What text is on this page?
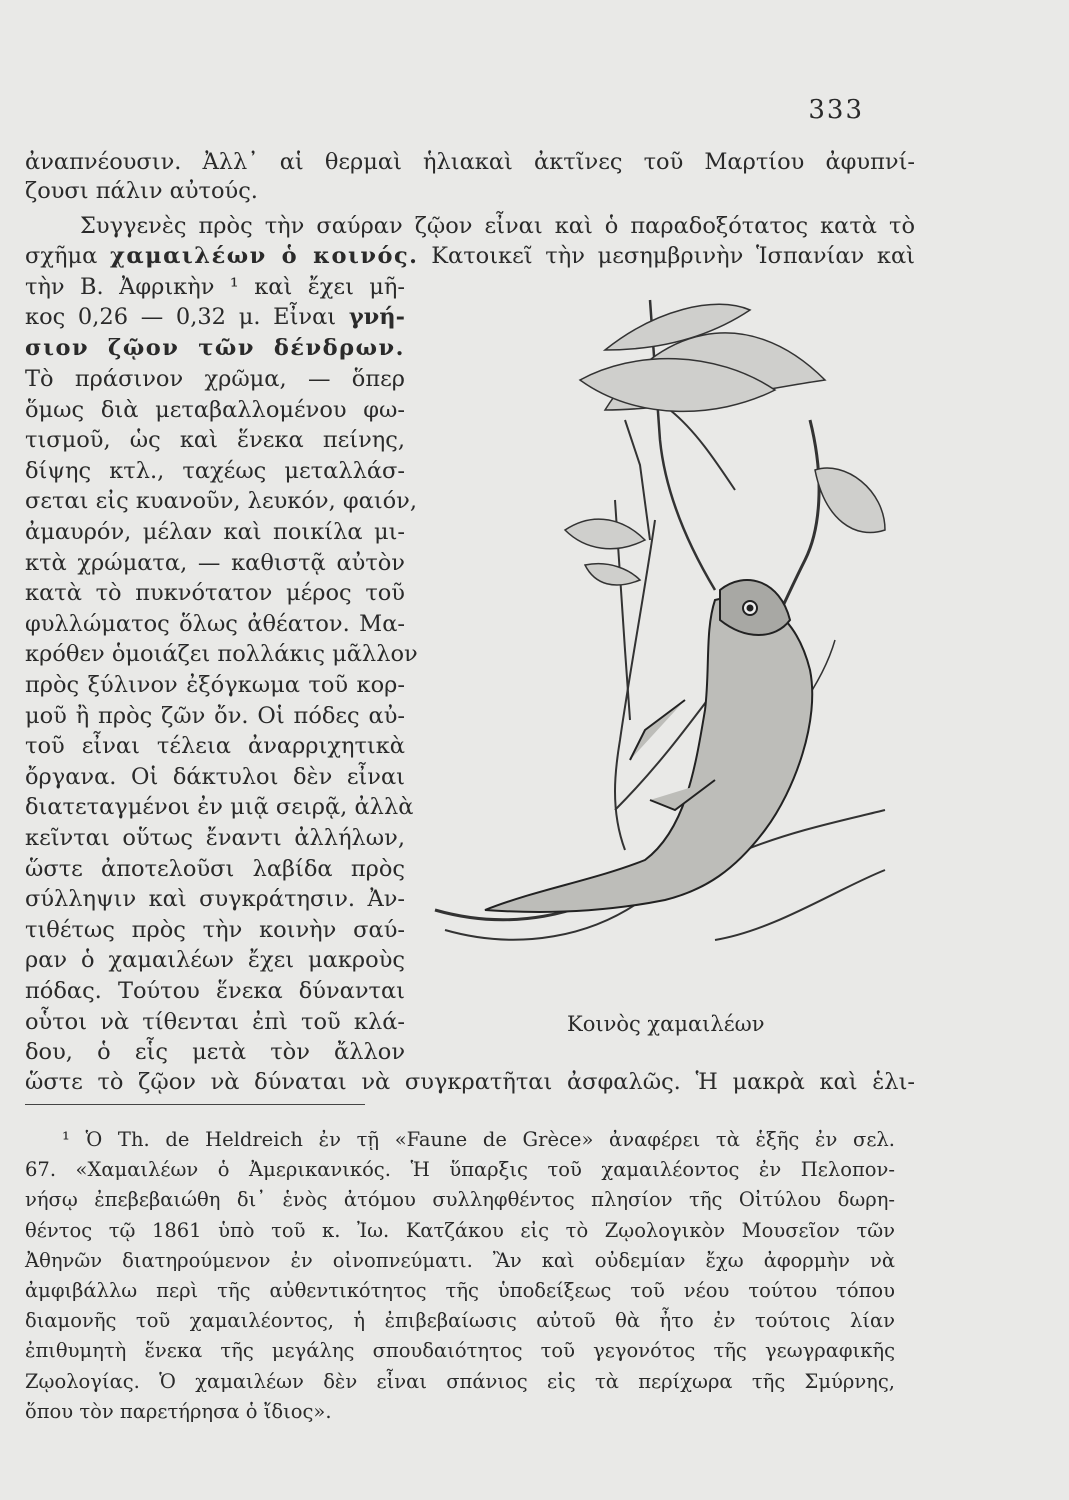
333
ἀναπνέουσιν. Ἀλλ᾽ αἱ θερμαὶ ἡλιακαὶ ἀκτῖνες τοῦ Μαρτίου ἀφυπνί-
ζουσι πάλιν αὐτούς.
Συγγενὲς πρὸς τὴν σαύραν ζῷον εἶναι καὶ ὁ παραδοξότατος κατὰ τὸ
σχῆμα χαμαιλέων ὁ κοινός. Κατοικεῖ τὴν μεσημβρινὴν Ἱσπανίαν καὶ
τὴν Β. Ἀφρικὴν ¹ καὶ ἔχει μῆ-
κος 0,26 — 0,32 μ. Εἶναι γνή-
σιον ζῷον τῶν δένδρων.
Τὸ πράσινον χρῶμα, — ὅπερ
ὅμως διὰ μεταβαλλομένου φω-
τισμοῦ, ὡς καὶ ἕνεκα πείνης,
δίψης κτλ., ταχέως μεταλλάσ-
σεται εἰς κυανοῦν, λευκόν, φαιόν,
ἀμαυρόν, μέλαν καὶ ποικίλα μι-
κτὰ χρώματα, — καθιστᾷ αὐτὸν
κατὰ τὸ πυκνότατον μέρος τοῦ
φυλλώματος ὅλως ἀθέατον. Μα-
κρόθεν ὁμοιάζει πολλάκις μᾶλλον
πρὸς ξύλινον ἐξόγκωμα τοῦ κορ-
μοῦ ἢ πρὸς ζῶν ὄν. Οἱ πόδες αὐ-
τοῦ εἶναι τέλεια ἀναρριχητικὰ
ὄργανα. Οἱ δάκτυλοι δὲν εἶναι
διατεταγμένοι ἐν μιᾷ σειρᾷ, ἀλλὰ
κεῖνται οὕτως ἔναντι ἀλλήλων,
ὥστε ἀποτελοῦσι λαβίδα πρὸς
σύλληψιν καὶ συγκράτησιν. Ἀν-
τιθέτως πρὸς τὴν κοινὴν σαύ-
ραν ὁ χαμαιλέων ἔχει μακροὺς
πόδας. Τούτου ἕνεκα δύνανται
οὗτοι νὰ τίθενται ἐπὶ τοῦ κλά-
δου, ὁ εἷς μετὰ τὸν ἄλλον
ὥστε τὸ ζῷον νὰ δύναται νὰ συγκρατῆται ἀσφαλῶς. Ἡ μακρὰ καὶ ἑλι-
Κοινὸς χαμαιλέων
¹ Ὁ Th. de Heldreich ἐν τῇ «Faune de Grèce» ἀναφέρει τὰ ἑξῆς ἐν σελ.
67. «Χαμαιλέων ὁ Ἀμερικανικός. Ἡ ὕπαρξις τοῦ χαμαιλέοντος ἐν Πελοπον-
νήσῳ ἐπεβεβαιώθη δι᾽ ἑνὸς ἀτόμου συλληφθέντος πλησίον τῆς Οἰτύλου δωρη-
θέντος τῷ 1861 ὑπὸ τοῦ κ. Ἰω. Κατζάκου εἰς τὸ Ζῳολογικὸν Μουσεῖον τῶν
Ἀθηνῶν διατηρούμενον ἐν οἰνοπνεύματι. Ἂν καὶ οὐδεμίαν ἔχω ἀφορμὴν νὰ
ἀμφιβάλλω περὶ τῆς αὐθεντικότητος τῆς ὑποδείξεως τοῦ νέου τούτου τόπου
διαμονῆς τοῦ χαμαιλέοντος, ἡ ἐπιβεβαίωσις αὐτοῦ θὰ ἦτο ἐν τούτοις λίαν
ἐπιθυμητὴ ἕνεκα τῆς μεγάλης σπουδαιότητος τοῦ γεγονότος τῆς γεωγραφικῆς
Ζῳολογίας. Ὁ χαμαιλέων δὲν εἶναι σπάνιος εἰς τὰ περίχωρα τῆς Σμύρνης,
ὅπου τὸν παρετήρησα ὁ ἴδιος».
